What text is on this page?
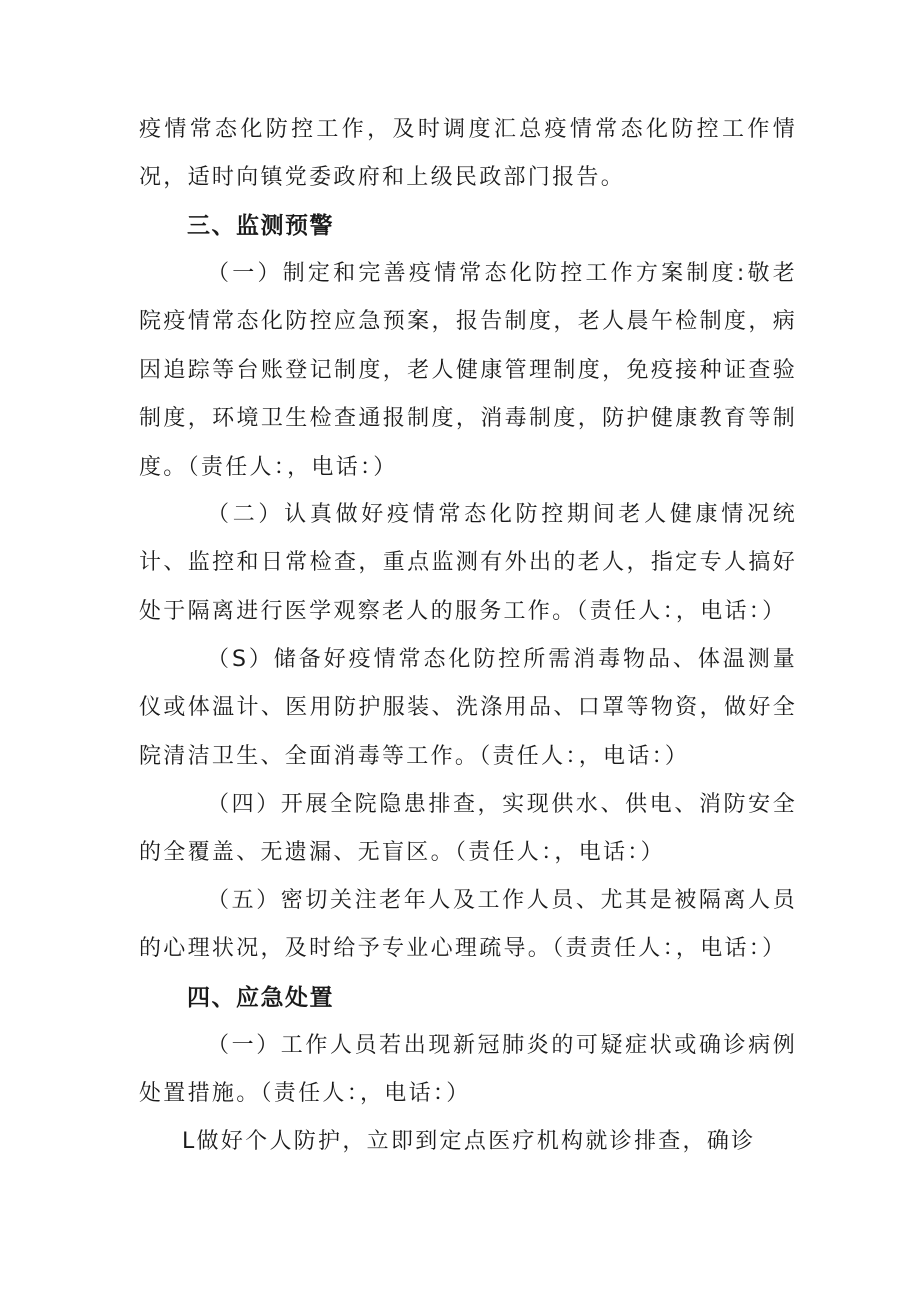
疫情常态化防控工作，及时调度汇总疫情常态化防控工作情况，适时向镇党委政府和上级民政部门报告。

三、监测预警

（一）制定和完善疫情常态化防控工作方案制度:敬老院疫情常态化防控应急预案，报告制度，老人晨午检制度，病因追踪等台账登记制度，老人健康管理制度，免疫接种证查验制度，环境卫生检查通报制度，消毒制度，防护健康教育等制度。（责任人：，电话：）

（二）认真做好疫情常态化防控期间老人健康情况统计、监控和日常检查，重点监测有外出的老人，指定专人搞好处于隔离进行医学观察老人的服务工作。（责任人：，电话：）

（S）储备好疫情常态化防控所需消毒物品、体温测量仪或体温计、医用防护服装、洗涤用品、口罩等物资，做好全院清洁卫生、全面消毒等工作。（责任人：，电话：）

（四）开展全院隐患排查，实现供水、供电、消防安全的全覆盖、无遗漏、无盲区。（责任人：，电话：）

（五）密切关注老年人及工作人员、尤其是被隔离人员的心理状况，及时给予专业心理疏导。（责责任人：，电话：）

四、应急处置

（一）工作人员若出现新冠肺炎的可疑症状或确诊病例处置措施。（责任人：，电话：）

L做好个人防护，立即到定点医疗机构就诊排查，确诊
